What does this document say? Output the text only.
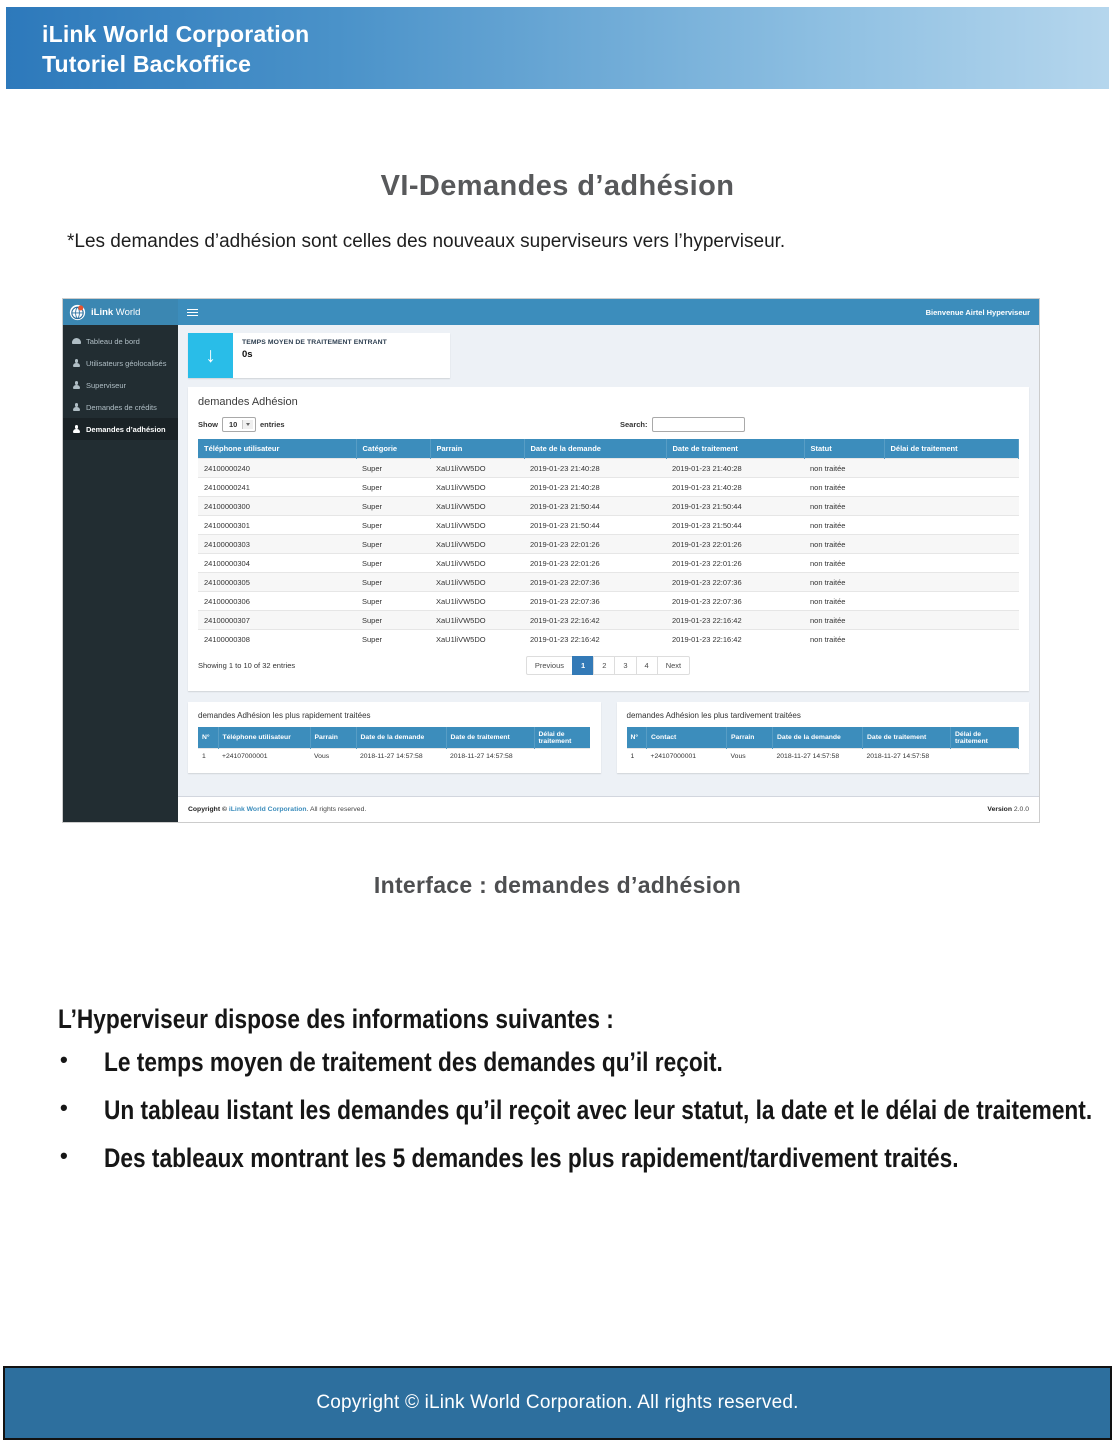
iLink World Corporation
Tutoriel Backoffice
VI-Demandes d’adhésion
*Les demandes d’adhésion sont celles des nouveaux superviseurs vers l’hyperviseur.
iLink World
Tableau de bord
Utilisateurs géolocalisés
Superviseur
Demandes de crédits
Demandes d’adhésion
Bienvenue Airtel Hyperviseur
↓
TEMPS MOYEN DE TRAITEMENT ENTRANT
0s
demandes Adhésion
Show 10	entries	Search:
Téléphone utilisateur	Catégorie	Parrain	Date de la demande	Date de traitement	Statut	Délai de traitement
24100000240	Super	XaU1liVW5DO	2019-01-23 21:40:28	2019-01-23 21:40:28	non traitée	
24100000241	Super	XaU1liVW5DO	2019-01-23 21:40:28	2019-01-23 21:40:28	non traitée	
24100000300	Super	XaU1liVW5DO	2019-01-23 21:50:44	2019-01-23 21:50:44	non traitée	
24100000301	Super	XaU1liVW5DO	2019-01-23 21:50:44	2019-01-23 21:50:44	non traitée	
24100000303	Super	XaU1liVW5DO	2019-01-23 22:01:26	2019-01-23 22:01:26	non traitée	
24100000304	Super	XaU1liVW5DO	2019-01-23 22:01:26	2019-01-23 22:01:26	non traitée	
24100000305	Super	XaU1liVW5DO	2019-01-23 22:07:36	2019-01-23 22:07:36	non traitée	
24100000306	Super	XaU1liVW5DO	2019-01-23 22:07:36	2019-01-23 22:07:36	non traitée	
24100000307	Super	XaU1liVW5DO	2019-01-23 22:16:42	2019-01-23 22:16:42	non traitée	
24100000308	Super	XaU1liVW5DO	2019-01-23 22:16:42	2019-01-23 22:16:42	non traitée	
Showing 1 to 10 of 32 entries	Previous	1	2	3	4	Next
demandes Adhésion les plus rapidement traitées
N°	Téléphone utilisateur	Parrain	Date de la demande	Date de traitement	Délai de traitement
1	+24107000001	Vous	2018-11-27 14:57:58	2018-11-27 14:57:58	
demandes Adhésion les plus tardivement traitées
N°	Contact	Parrain	Date de la demande	Date de traitement	Délai de traitement
1	+24107000001	Vous	2018-11-27 14:57:58	2018-11-27 14:57:58	
Copyright © iLink World Corporation. All rights reserved.	Version 2.0.0
Interface : demandes d’adhésion
L’Hyperviseur dispose des informations suivantes :
• Le temps moyen de traitement des demandes qu’il reçoit.
• Un tableau listant les demandes qu’il reçoit avec leur statut, la date et le délai de traitement.
• Des tableaux montrant les 5 demandes les plus rapidement/tardivement traités.
Copyright © iLink World Corporation. All rights reserved.
